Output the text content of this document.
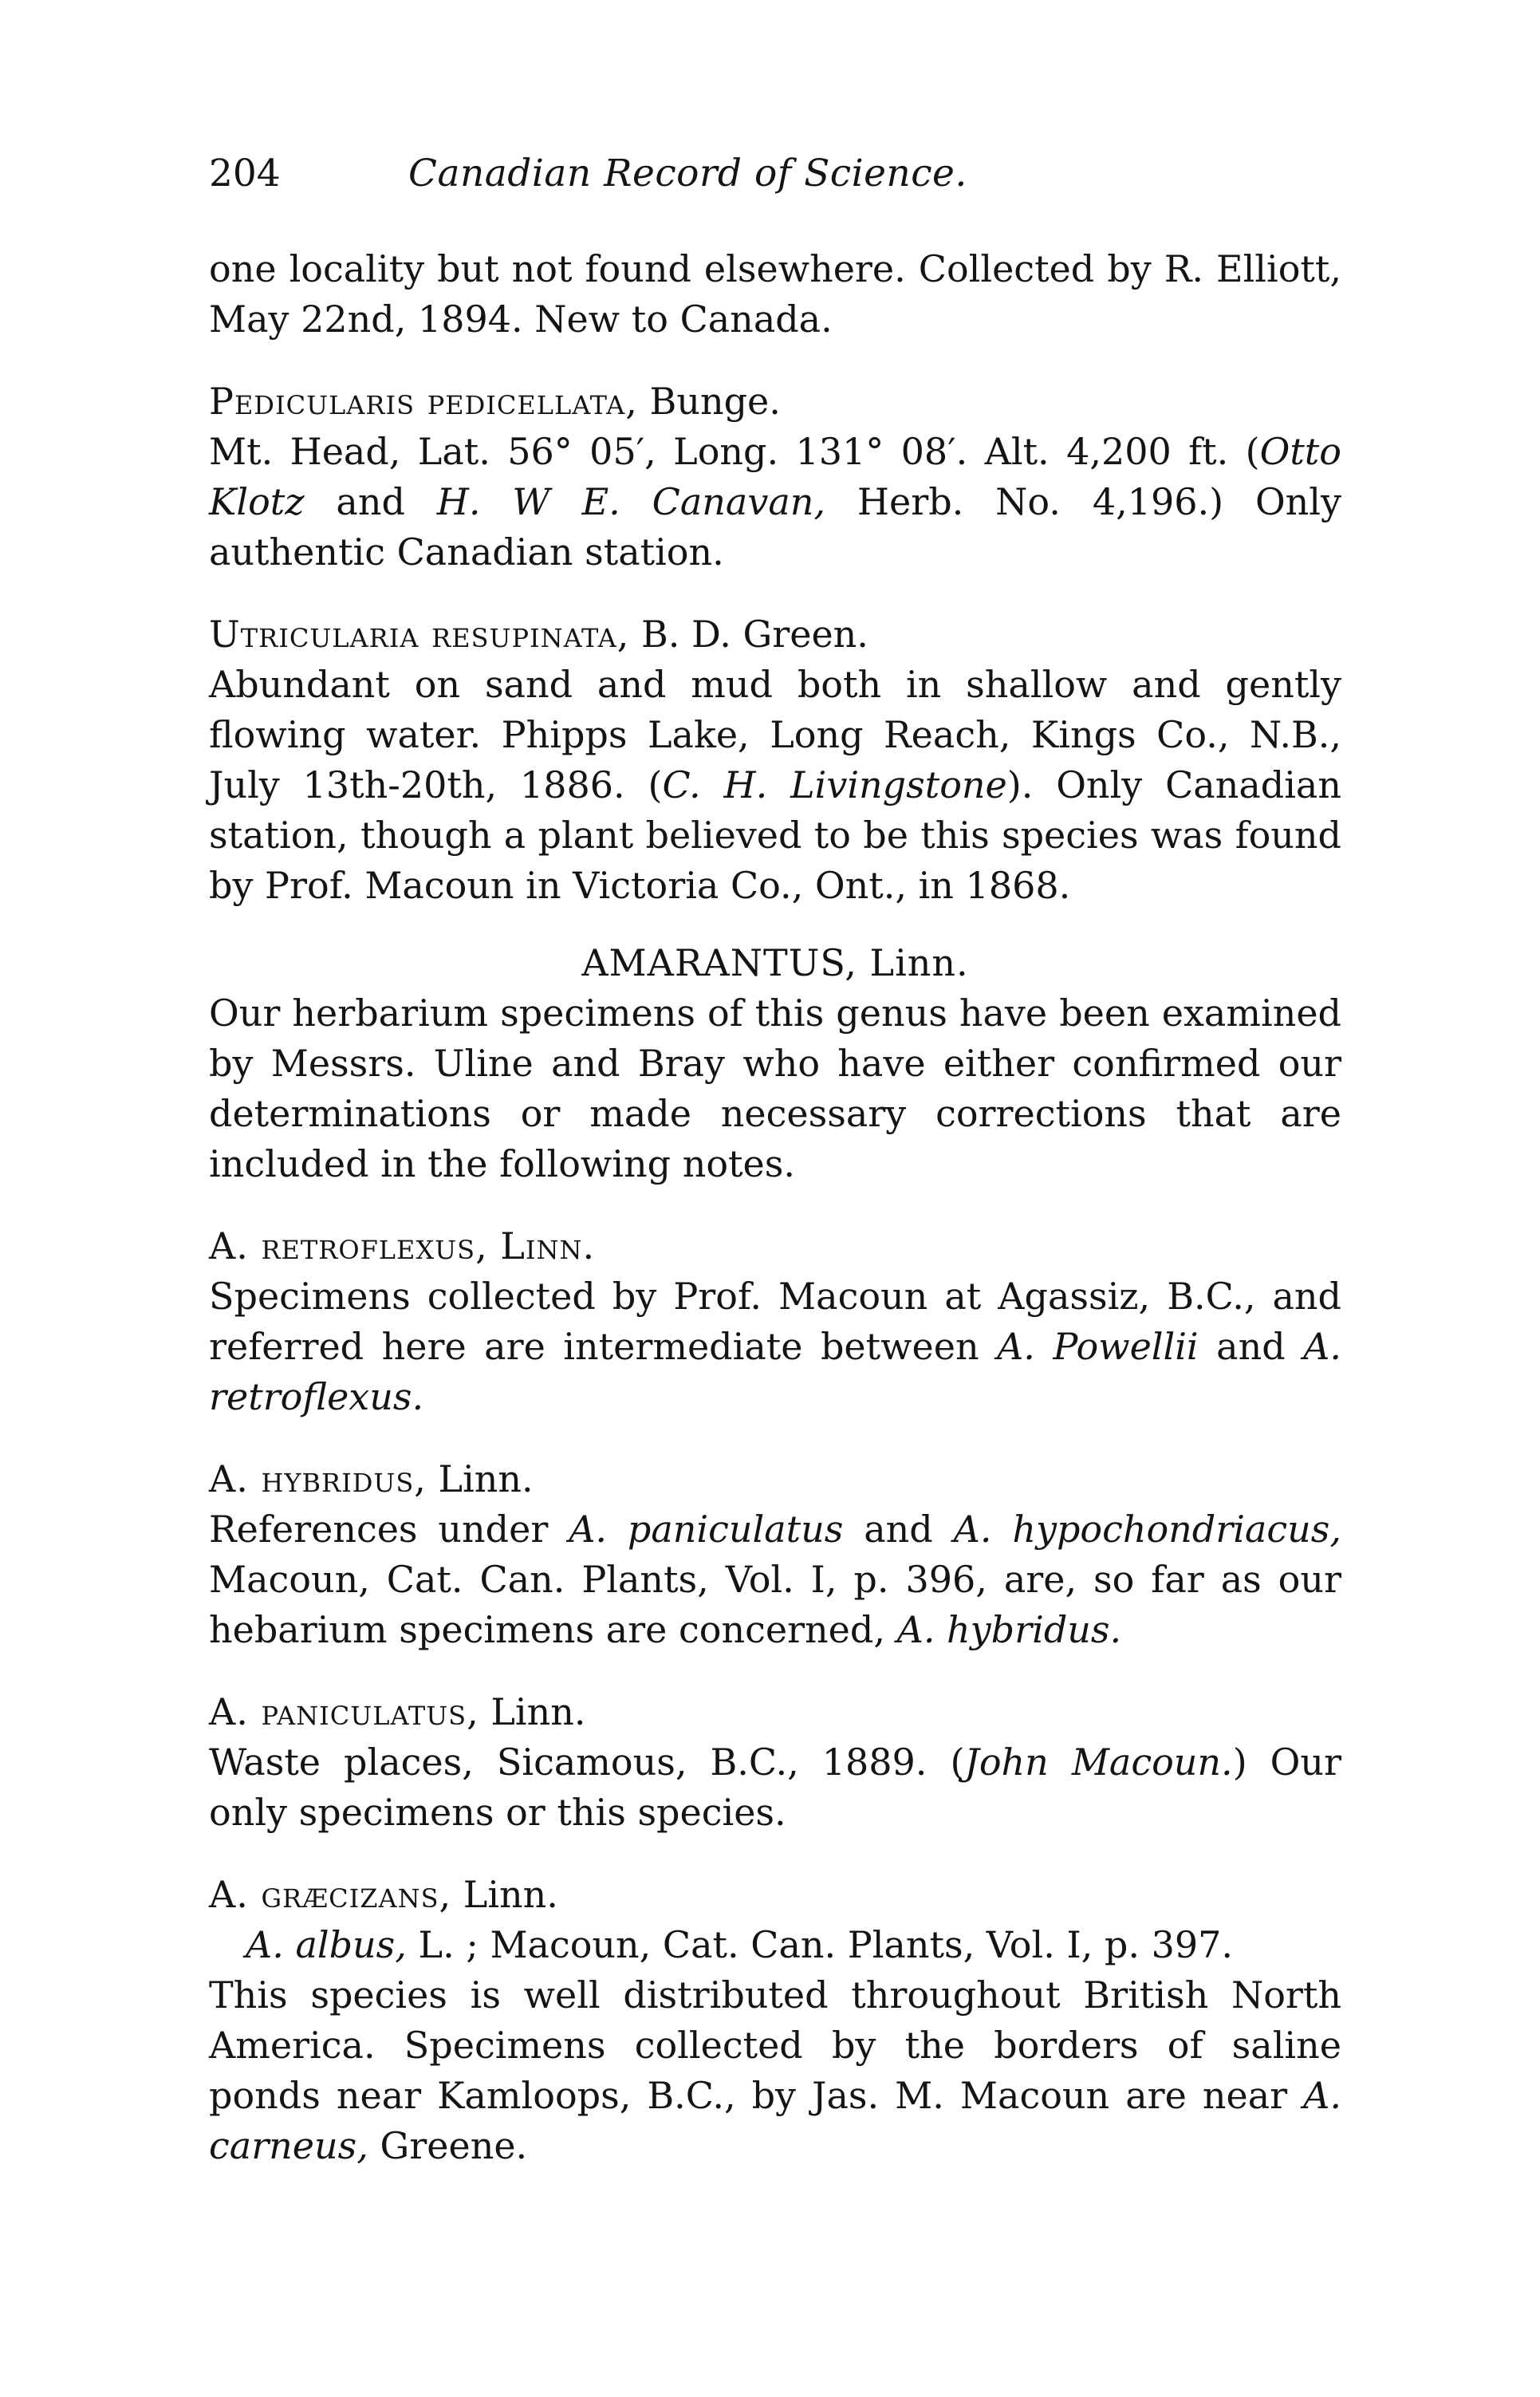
204	Canadian Record of Science.

one locality but not found elsewhere. Collected by R. Elliott, May 22nd, 1894. New to Canada.

Pedicularis pedicellata, Bunge.

Mt. Head, Lat. 56° 05′, Long. 131° 08′. Alt. 4,200 ft. (Otto Klotz and H. W E. Canavan, Herb. No. 4,196.) Only authentic Canadian station.

Utricularia resupinata, B. D. Green.

Abundant on sand and mud both in shallow and gently flowing water. Phipps Lake, Long Reach, Kings Co., N.B., July 13th-20th, 1886. (C. H. Livingstone). Only Canadian station, though a plant believed to be this species was found by Prof. Macoun in Victoria Co., Ont., in 1868.

AMARANTUS, Linn.

Our herbarium specimens of this genus have been examined by Messrs. Uline and Bray who have either confirmed our determinations or made necessary corrections that are included in the following notes.

A. retroflexus, Linn.

Specimens collected by Prof. Macoun at Agassiz, B.C., and referred here are intermediate between A. Powellii and A. retroflexus.

A. hybridus, Linn.

References under A. paniculatus and A. hypochondriacus, Macoun, Cat. Can. Plants, Vol. I, p. 396, are, so far as our hebarium specimens are concerned, A. hybridus.

A. paniculatus, Linn.

Waste places, Sicamous, B.C., 1889. (John Macoun.) Our only specimens or this species.

A. græcizans, Linn.

A. albus, L. ; Macoun, Cat. Can. Plants, Vol. I, p. 397.

This species is well distributed throughout British North America. Specimens collected by the borders of saline ponds near Kamloops, B.C., by Jas. M. Macoun are near A. carneus, Greene.
